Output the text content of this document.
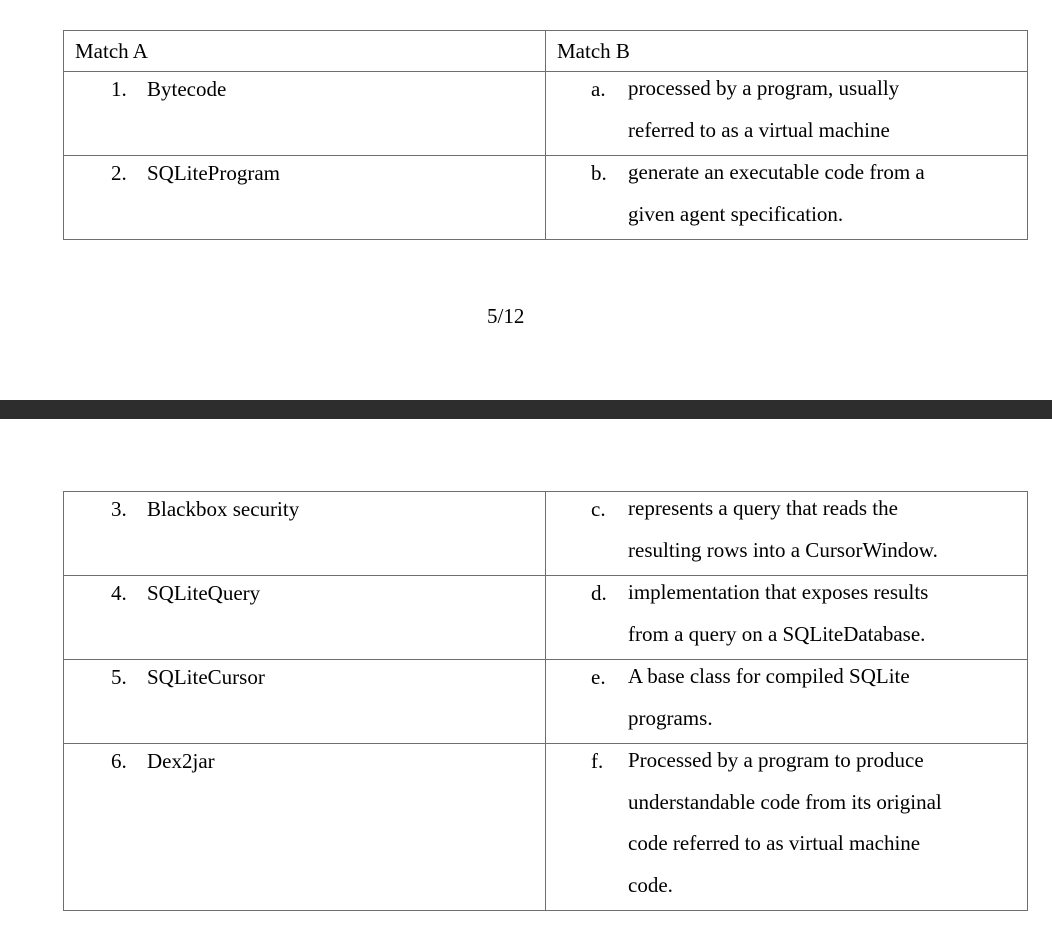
Match A	Match B

1. Bytecode	a. processed by a program, usually
referred to as a virtual machine

2. SQLiteProgram	b. generate an executable code from a
given agent specification.
5/12
3. Blackbox security	c. represents a query that reads the
resulting rows into a CursorWindow.

4. SQLiteQuery	d. implementation that exposes results
from a query on a SQLiteDatabase.

5. SQLiteCursor	e. A base class for compiled SQLite
programs.

6. Dex2jar	f. Processed by a program to produce
understandable code from its original
code referred to as virtual machine
code.
